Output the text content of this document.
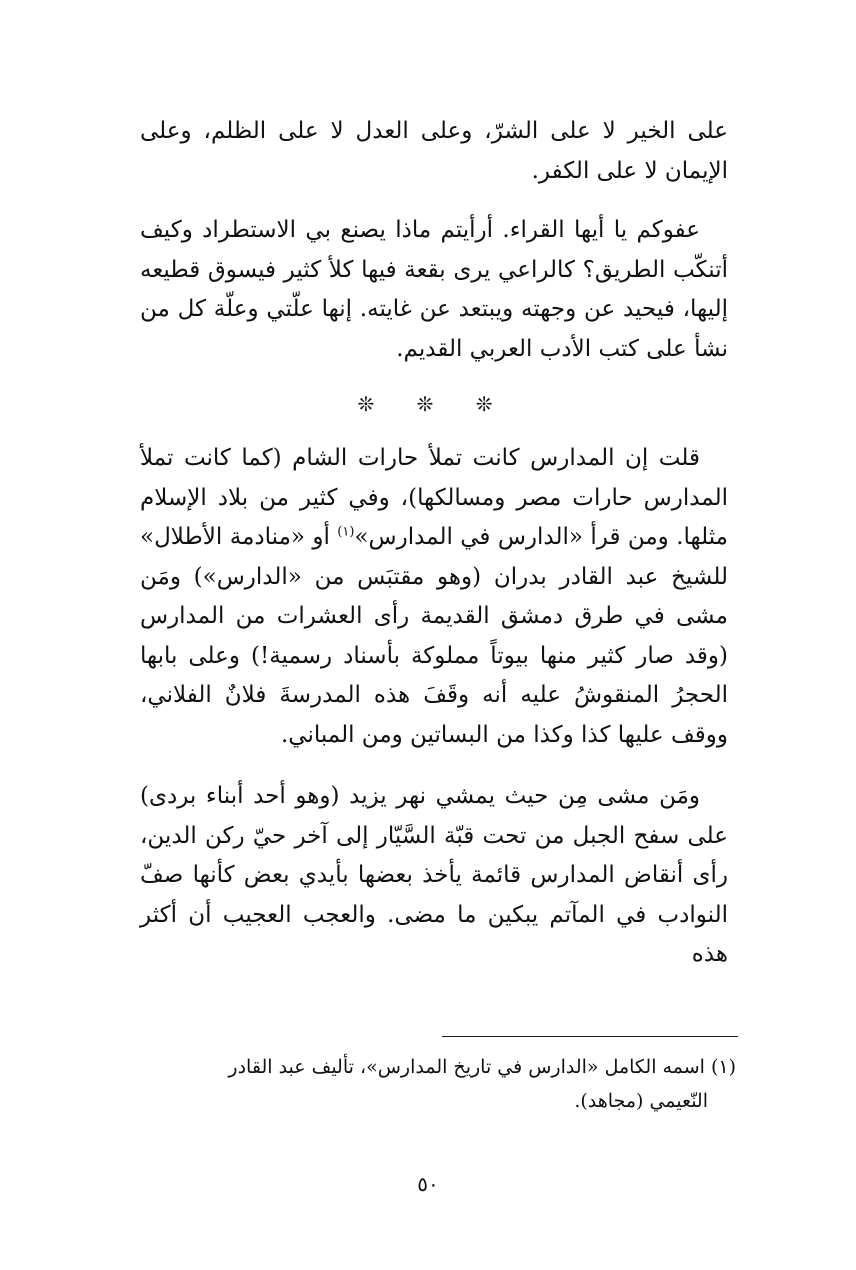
على الخير لا على الشرّ، وعلى العدل لا على الظلم، وعلى الإيمان لا على الكفر.

عفوكم يا أيها القراء. أرأيتم ماذا يصنع بي الاستطراد وكيف أتنكّب الطريق؟ كالراعي يرى بقعة فيها كلأ كثير فيسوق قطيعه إليها، فيحيد عن وجهته ويبتعد عن غايته. إنها علّتي وعلّة كل من نشأ على كتب الأدب العربي القديم.

❊ ❊ ❊

قلت إن المدارس كانت تملأ حارات الشام (كما كانت تملأ المدارس حارات مصر ومسالكها)، وفي كثير من بلاد الإسلام مثلها. ومن قرأ «الدارس في المدارس»$^{(١)}$ أو «منادمة الأطلال» للشيخ عبد القادر بدران (وهو مقتبَس من «الدارس») ومَن مشى في طرق دمشق القديمة رأى العشرات من المدارس (وقد صار كثير منها بيوتاً مملوكة بأسناد رسمية!) وعلى بابها الحجرُ المنقوشُ عليه أنه وقَفَ هذه المدرسةَ فلانٌ الفلاني، ووقف عليها كذا وكذا من البساتين ومن المباني.

ومَن مشى مِن حيث يمشي نهر يزيد (وهو أحد أبناء بردى) على سفح الجبل من تحت قبّة السَّيّار إلى آخر حيّ ركن الدين، رأى أنقاض المدارس قائمة يأخذ بعضها بأيدي بعض كأنها صفّ النوادب في المآتم يبكين ما مضى. والعجب العجيب أن أكثر هذه

(١) اسمه الكامل «الدارس في تاريخ المدارس»، تأليف عبد القادر
النّعيمي (مجاهد).
٥٠
